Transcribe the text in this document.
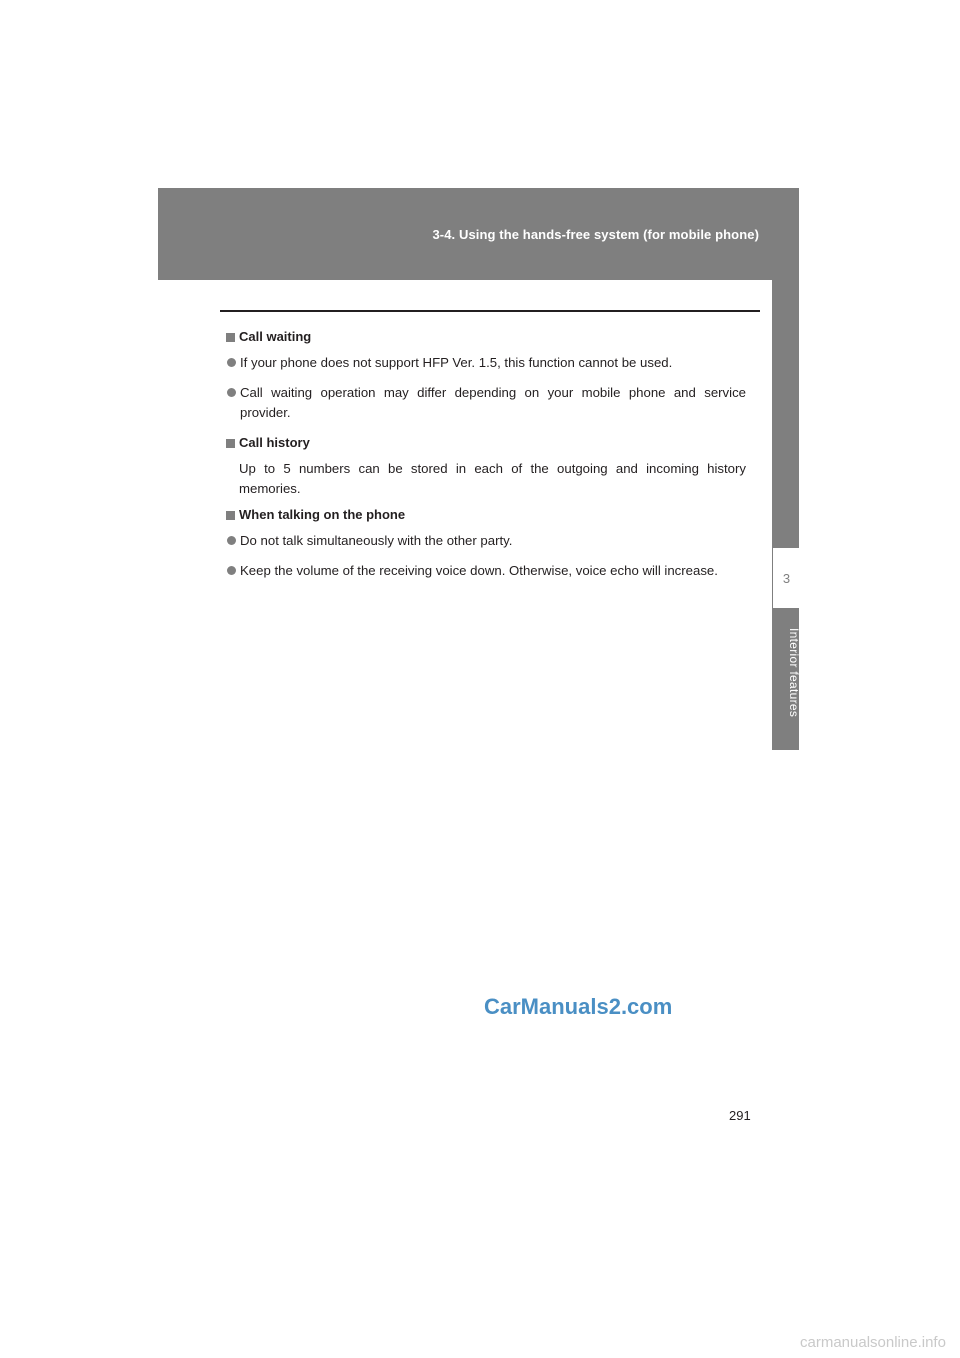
3-4. Using the hands-free system (for mobile phone)
3
Interior features
Call waiting
If your phone does not support HFP Ver. 1.5, this function cannot be used.
Call waiting operation may differ depending on your mobile phone and service provider.
Call history
Up to 5 numbers can be stored in each of the outgoing and incoming history memories.
When talking on the phone
Do not talk simultaneously with the other party.
Keep the volume of the receiving voice down. Otherwise, voice echo will increase.
291
CarManuals2.com
carmanualsonline.info
